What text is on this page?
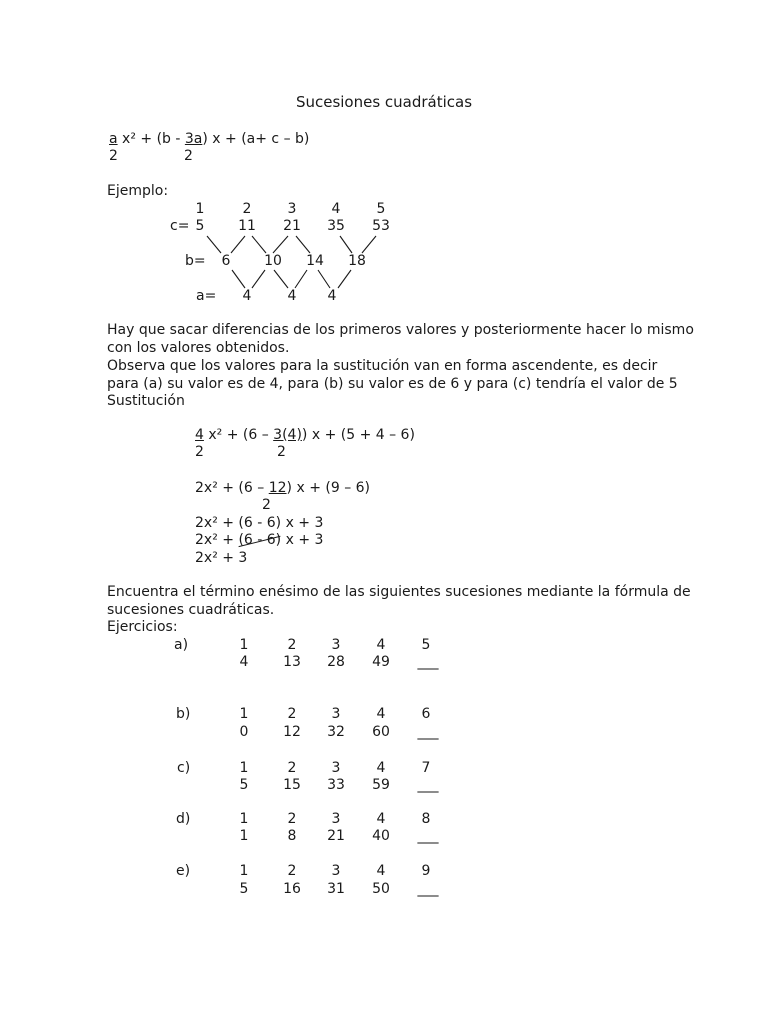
Sucesiones cuadráticas
a x² + (b - 3a) x + (a+ c – b)
2	2
Ejemplo:
1	2	3	4	5
c= 5	11	21	35	53
b=	6	10	14	18
a=	4	4	4
Hay que sacar diferencias de los primeros valores y posteriormente hacer lo mismo
con los valores obtenidos.
Observa que los valores para la sustitución van en forma ascendente, es decir
para (a) su valor es de 4, para (b) su valor es de 6 y para (c) tendría el valor de 5
Sustitución
4 x² + (6 – 3(4)) x + (5 + 4 – 6)
2	2
2x² + (6 – 12) x + (9 – 6)
2
2x² + (6 - 6) x + 3
2x² + (6 - 6) x + 3
2x² + 3
Encuentra el término enésimo de las siguientes sucesiones mediante la fórmula de
sucesiones cuadráticas.
Ejercicios:
a)	1	2	3	4	5
4	13	28	49	___
b)	1	2	3	4	6
0	12	32	60	___
c)	1	2	3	4	7
5	15	33	59	___
d)	1	2	3	4	8
1	8	21	40	___
e)	1	2	3	4	9
5	16	31	50	___
